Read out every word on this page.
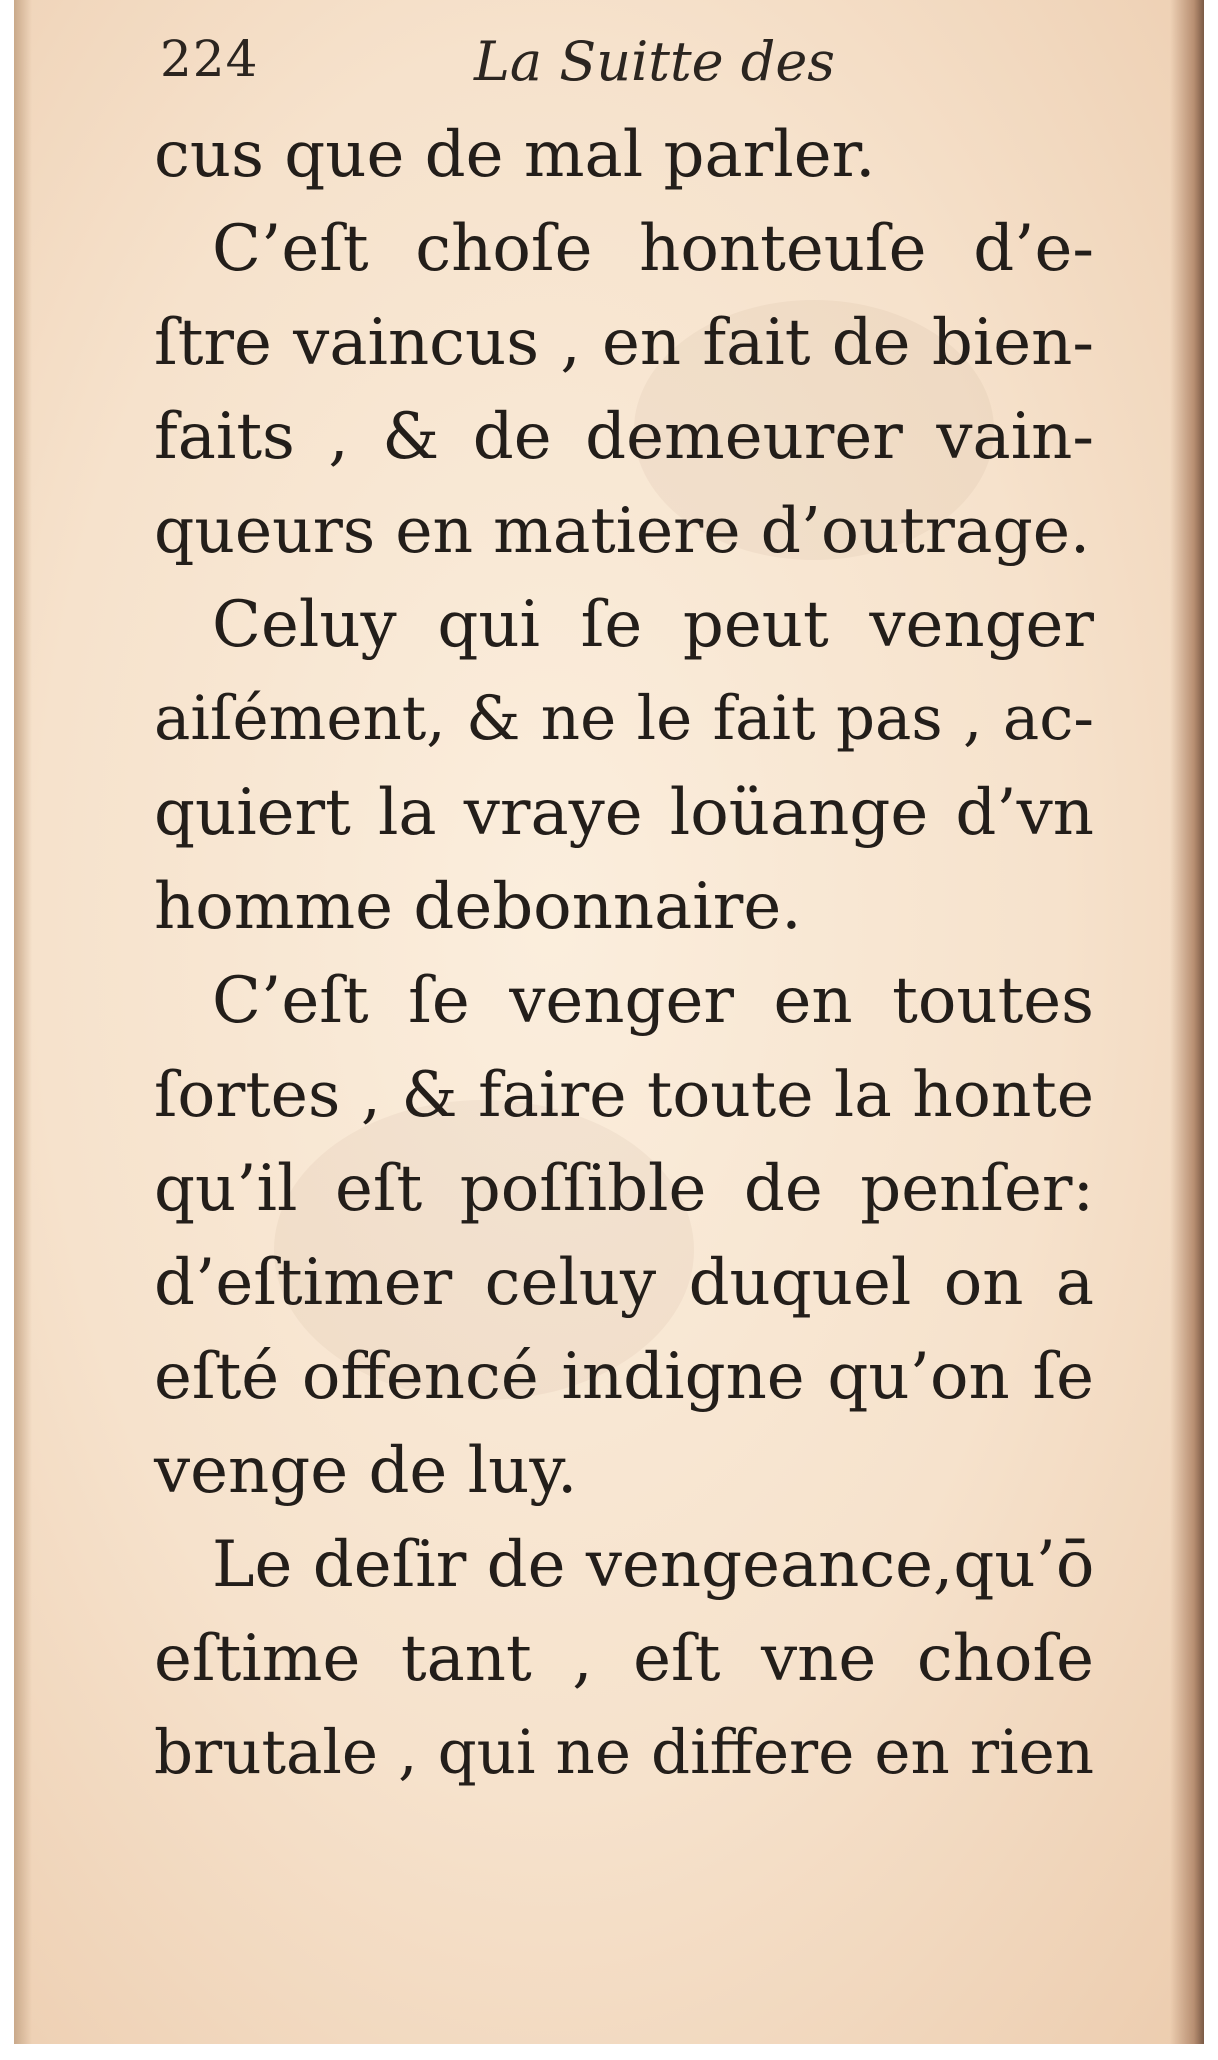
224	La Suitte des
cus que de mal parler.
C’eſt choſe honteuſe d’e-
ſtre vaincus , en fait de bien-
faits , & de demeurer vain-
queurs en matiere d’outrage.
Celuy qui ſe peut venger
aiſément, & ne le fait pas , ac-
quiert la vraye loüange d’vn
homme debonnaire.
C’eſt ſe venger en toutes
ſortes , & faire toute la honte
qu’il eſt poſſible de penſer:
d’eſtimer celuy duquel on a
eſté offencé indigne qu’on ſe
venge de luy.
Le deſir de vengeance,qu’ō
eſtime tant , eſt vne choſe
brutale , qui ne differe en rien
